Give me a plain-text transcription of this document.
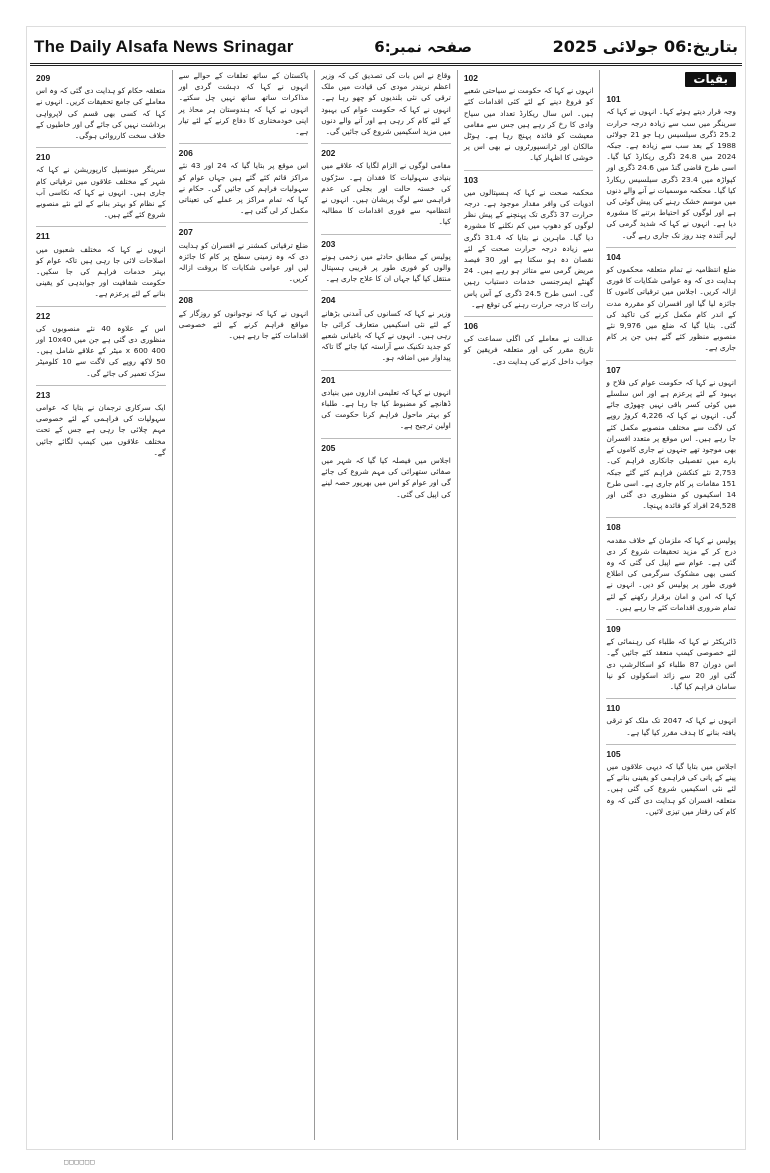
The Daily Alsafa News Srinagar	صفحہ نمبر:6	بتاریخ:06 جولائی 2025
بقیات
101
وجہ قرار دیتے ہوئے کہا۔ انہوں نے کہا کہ سرینگر میں سب سے زیادہ درجہ حرارت 25.2 ڈگری سیلسیس رہا جو 21 جولائی 1988 کے بعد سب سے زیادہ ہے۔ جبکہ 2024 میں 24.8 ڈگری ریکارڈ کیا گیا۔ اسی طرح قاضی گنڈ میں 24.6 ڈگری اور کپواڑہ میں 23.4 ڈگری سیلسیس ریکارڈ کیا گیا۔ محکمہ موسمیات نے آنے والے دنوں میں موسم خشک رہنے کی پیش گوئی کی ہے اور لوگوں کو احتیاط برتنے کا مشورہ دیا ہے۔ انہوں نے کہا کہ شدید گرمی کی لہر آئندہ چند روز تک جاری رہے گی۔
104
ضلع انتظامیہ نے تمام متعلقہ محکموں کو ہدایت دی کہ وہ عوامی شکایات کا فوری ازالہ کریں۔ اجلاس میں ترقیاتی کاموں کا جائزہ لیا گیا اور افسران کو مقررہ مدت کے اندر کام مکمل کرنے کی تاکید کی گئی۔ بتایا گیا کہ ضلع میں 9,976 نئے منصوبے منظور کئے گئے ہیں جن پر کام جاری ہے۔
107
انہوں نے کہا کہ حکومت عوام کی فلاح و بہبود کے لئے پرعزم ہے اور اس سلسلے میں کوئی کسر باقی نہیں چھوڑی جائے گی۔ انہوں نے کہا کہ 4,226 کروڑ روپے کی لاگت سے مختلف منصوبے مکمل کئے جا رہے ہیں۔ اس موقع پر متعدد افسران بھی موجود تھے جنہوں نے جاری کاموں کے بارے میں تفصیلی جانکاری فراہم کی۔ 2,753 نئے کنکشن فراہم کئے گئے جبکہ 151 مقامات پر کام جاری ہے۔ اسی طرح 14 اسکیموں کو منظوری دی گئی اور 24,528 افراد کو فائدہ پہنچا۔
108
پولیس نے کہا کہ ملزمان کے خلاف مقدمہ درج کر کے مزید تحقیقات شروع کر دی گئی ہے۔ عوام سے اپیل کی گئی کہ وہ کسی بھی مشکوک سرگرمی کی اطلاع فوری طور پر پولیس کو دیں۔ انہوں نے کہا کہ امن و امان برقرار رکھنے کے لئے تمام ضروری اقدامات کئے جا رہے ہیں۔
109
ڈائریکٹر نے کہا کہ طلباء کی رہنمائی کے لئے خصوصی کیمپ منعقد کئے جائیں گے۔ اس دوران 87 طلباء کو اسکالرشپ دی گئی اور 20 سے زائد اسکولوں کو نیا سامان فراہم کیا گیا۔
110
انہوں نے کہا کہ 2047 تک ملک کو ترقی یافتہ بنانے کا ہدف مقرر کیا گیا ہے۔
105
اجلاس میں بتایا گیا کہ دیہی علاقوں میں پینے کے پانی کی فراہمی کو یقینی بنانے کے لئے نئی اسکیمیں شروع کی گئی ہیں۔ متعلقہ افسران کو ہدایت دی گئی کہ وہ کام کی رفتار میں تیزی لائیں۔
102
انہوں نے کہا کہ حکومت نے سیاحتی شعبے کو فروغ دینے کے لئے کئی اقدامات کئے ہیں۔ اس سال ریکارڈ تعداد میں سیاح وادی کا رخ کر رہے ہیں جس سے مقامی معیشت کو فائدہ پہنچ رہا ہے۔ ہوٹل مالکان اور ٹرانسپورٹروں نے بھی اس پر خوشی کا اظہار کیا۔
103
محکمہ صحت نے کہا کہ ہسپتالوں میں ادویات کی وافر مقدار موجود ہے۔ درجہ حرارت 37 ڈگری تک پہنچنے کے پیش نظر لوگوں کو دھوپ میں کم نکلنے کا مشورہ دیا گیا۔ ماہرین نے بتایا کہ 31.4 ڈگری سے زیادہ درجہ حرارت صحت کے لئے نقصان دہ ہو سکتا ہے اور 30 فیصد مریض گرمی سے متاثر ہو رہے ہیں۔ 24 گھنٹے ایمرجنسی خدمات دستیاب رہیں گی۔ اسی طرح 24.5 ڈگری کے آس پاس رات کا درجہ حرارت رہنے کی توقع ہے۔
106
عدالت نے معاملے کی اگلی سماعت کی تاریخ مقرر کی اور متعلقہ فریقین کو جواب داخل کرنے کی ہدایت دی۔
وقاع نے اس بات کی تصدیق کی کہ وزیر اعظم نریندر مودی کی قیادت میں ملک ترقی کی نئی بلندیوں کو چھو رہا ہے۔ انہوں نے کہا کہ حکومت عوام کی بہبود کے لئے کام کر رہی ہے اور آنے والے دنوں میں مزید اسکیمیں شروع کی جائیں گی۔
202
مقامی لوگوں نے الزام لگایا کہ علاقے میں بنیادی سہولیات کا فقدان ہے۔ سڑکوں کی خستہ حالت اور بجلی کی عدم فراہمی سے لوگ پریشان ہیں۔ انہوں نے انتظامیہ سے فوری اقدامات کا مطالبہ کیا۔
203
پولیس کے مطابق حادثے میں زخمی ہونے والوں کو فوری طور پر قریبی ہسپتال منتقل کیا گیا جہاں ان کا علاج جاری ہے۔
204
وزیر نے کہا کہ کسانوں کی آمدنی بڑھانے کے لئے نئی اسکیمیں متعارف کرائی جا رہی ہیں۔ انہوں نے کہا کہ باغبانی شعبے کو جدید تکنیک سے آراستہ کیا جائے گا تاکہ پیداوار میں اضافہ ہو۔
201
انہوں نے کہا کہ تعلیمی اداروں میں بنیادی ڈھانچے کو مضبوط کیا جا رہا ہے۔ طلباء کو بہتر ماحول فراہم کرنا حکومت کی اولین ترجیح ہے۔
205
اجلاس میں فیصلہ کیا گیا کہ شہر میں صفائی ستھرائی کی مہم شروع کی جائے گی اور عوام کو اس میں بھرپور حصہ لینے کی اپیل کی گئی۔
پاکستان کے ساتھ تعلقات کے حوالے سے انہوں نے کہا کہ دہشت گردی اور مذاکرات ساتھ ساتھ نہیں چل سکتے۔ انہوں نے کہا کہ ہندوستان ہر محاذ پر اپنی خودمختاری کا دفاع کرنے کے لئے تیار ہے۔
206
اس موقع پر بتایا گیا کہ 24 اور 43 نئے مراکز قائم کئے گئے ہیں جہاں عوام کو سہولیات فراہم کی جائیں گی۔ حکام نے کہا کہ تمام مراکز پر عملے کی تعیناتی مکمل کر لی گئی ہے۔
207
ضلع ترقیاتی کمشنر نے افسران کو ہدایت دی کہ وہ زمینی سطح پر کام کا جائزہ لیں اور عوامی شکایات کا بروقت ازالہ کریں۔
208
انہوں نے کہا کہ نوجوانوں کو روزگار کے مواقع فراہم کرنے کے لئے خصوصی اقدامات کئے جا رہے ہیں۔
209
متعلقہ حکام کو ہدایت دی گئی کہ وہ اس معاملے کی جامع تحقیقات کریں۔ انہوں نے کہا کہ کسی بھی قسم کی لاپرواہی برداشت نہیں کی جائے گی اور خاطیوں کے خلاف سخت کارروائی ہوگی۔
210
سرینگر میونسپل کارپوریشن نے کہا کہ شہر کے مختلف علاقوں میں ترقیاتی کام جاری ہیں۔ انہوں نے کہا کہ نکاسی آب کے نظام کو بہتر بنانے کے لئے نئے منصوبے شروع کئے گئے ہیں۔
211
انہوں نے کہا کہ مختلف شعبوں میں اصلاحات لائی جا رہی ہیں تاکہ عوام کو بہتر خدمات فراہم کی جا سکیں۔ حکومت شفافیت اور جوابدہی کو یقینی بنانے کے لئے پرعزم ہے۔
212
اس کے علاوہ 40 نئے منصوبوں کی منظوری دی گئی ہے جن میں 10x40 اور 400 x 600 میٹر کے علاقے شامل ہیں۔ 50 لاکھ روپے کی لاگت سے 10 کلومیٹر سڑک تعمیر کی جائے گی۔
213
ایک سرکاری ترجمان نے بتایا کہ عوامی سہولیات کی فراہمی کے لئے خصوصی مہم چلائی جا رہی ہے جس کے تحت مختلف علاقوں میں کیمپ لگائے جائیں گے۔
□□□□□□
